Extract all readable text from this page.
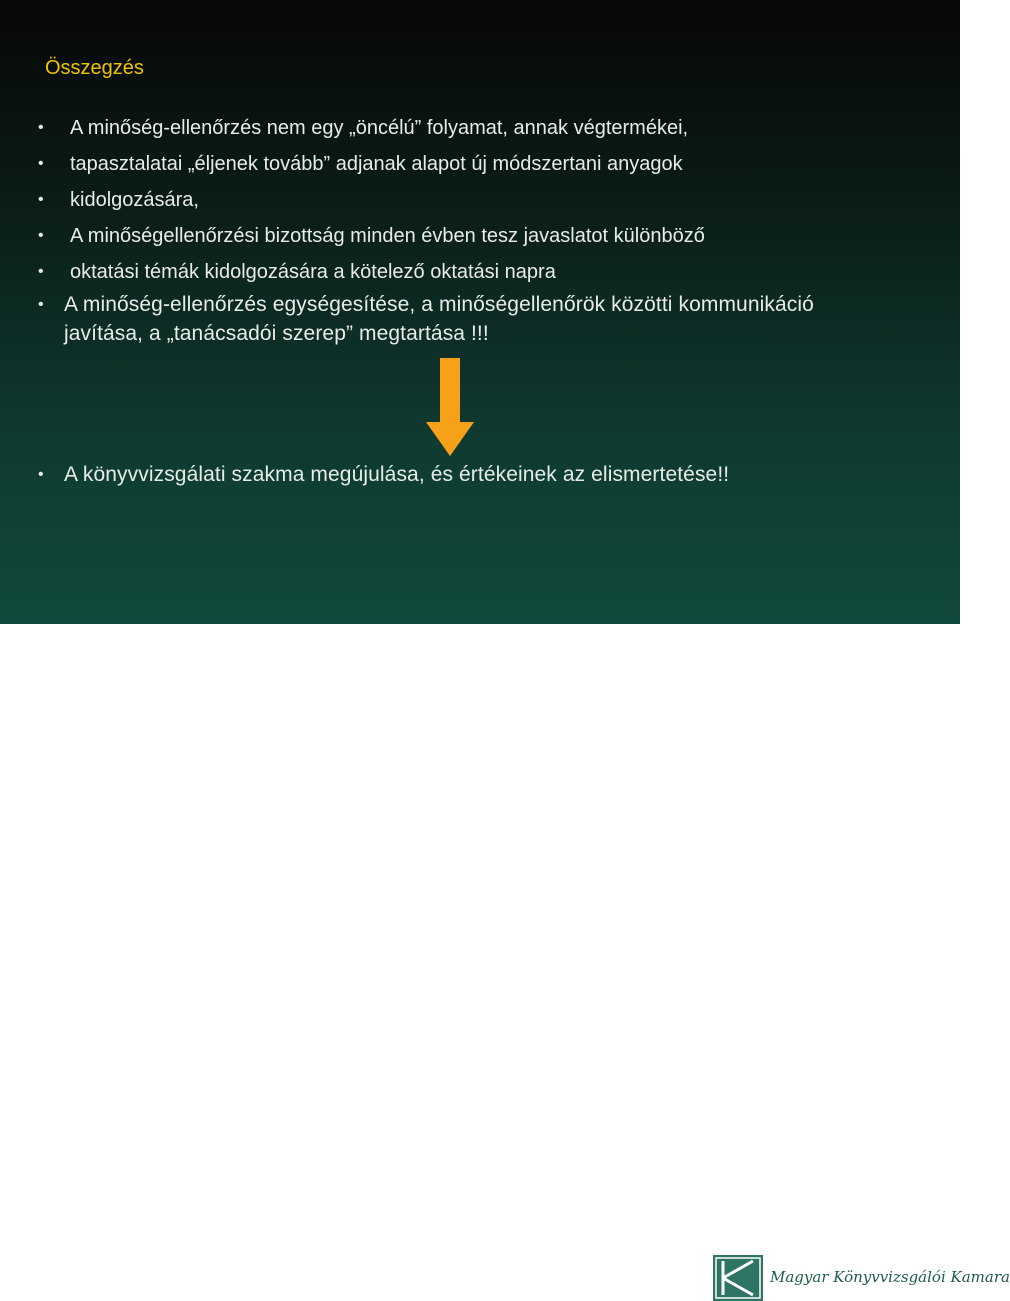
Összegzés
• A minőség-ellenőrzés nem egy „öncélú” folyamat, annak végtermékei,
• tapasztalatai „éljenek tovább” adjanak alapot új módszertani anyagok
• kidolgozására,
• A minőségellenőrzési bizottság minden évben tesz javaslatot különböző
• oktatási témák kidolgozására a kötelező oktatási napra
• A minőség-ellenőrzés egységesítése, a minőségellenőrök közötti kommunikáció
javítása, a „tanácsadói szerep” megtartása !!!
• A könyvvizsgálati szakma megújulása, és értékeinek az elismertetése!!
Magyar Könyvvizsgálói Kamara
